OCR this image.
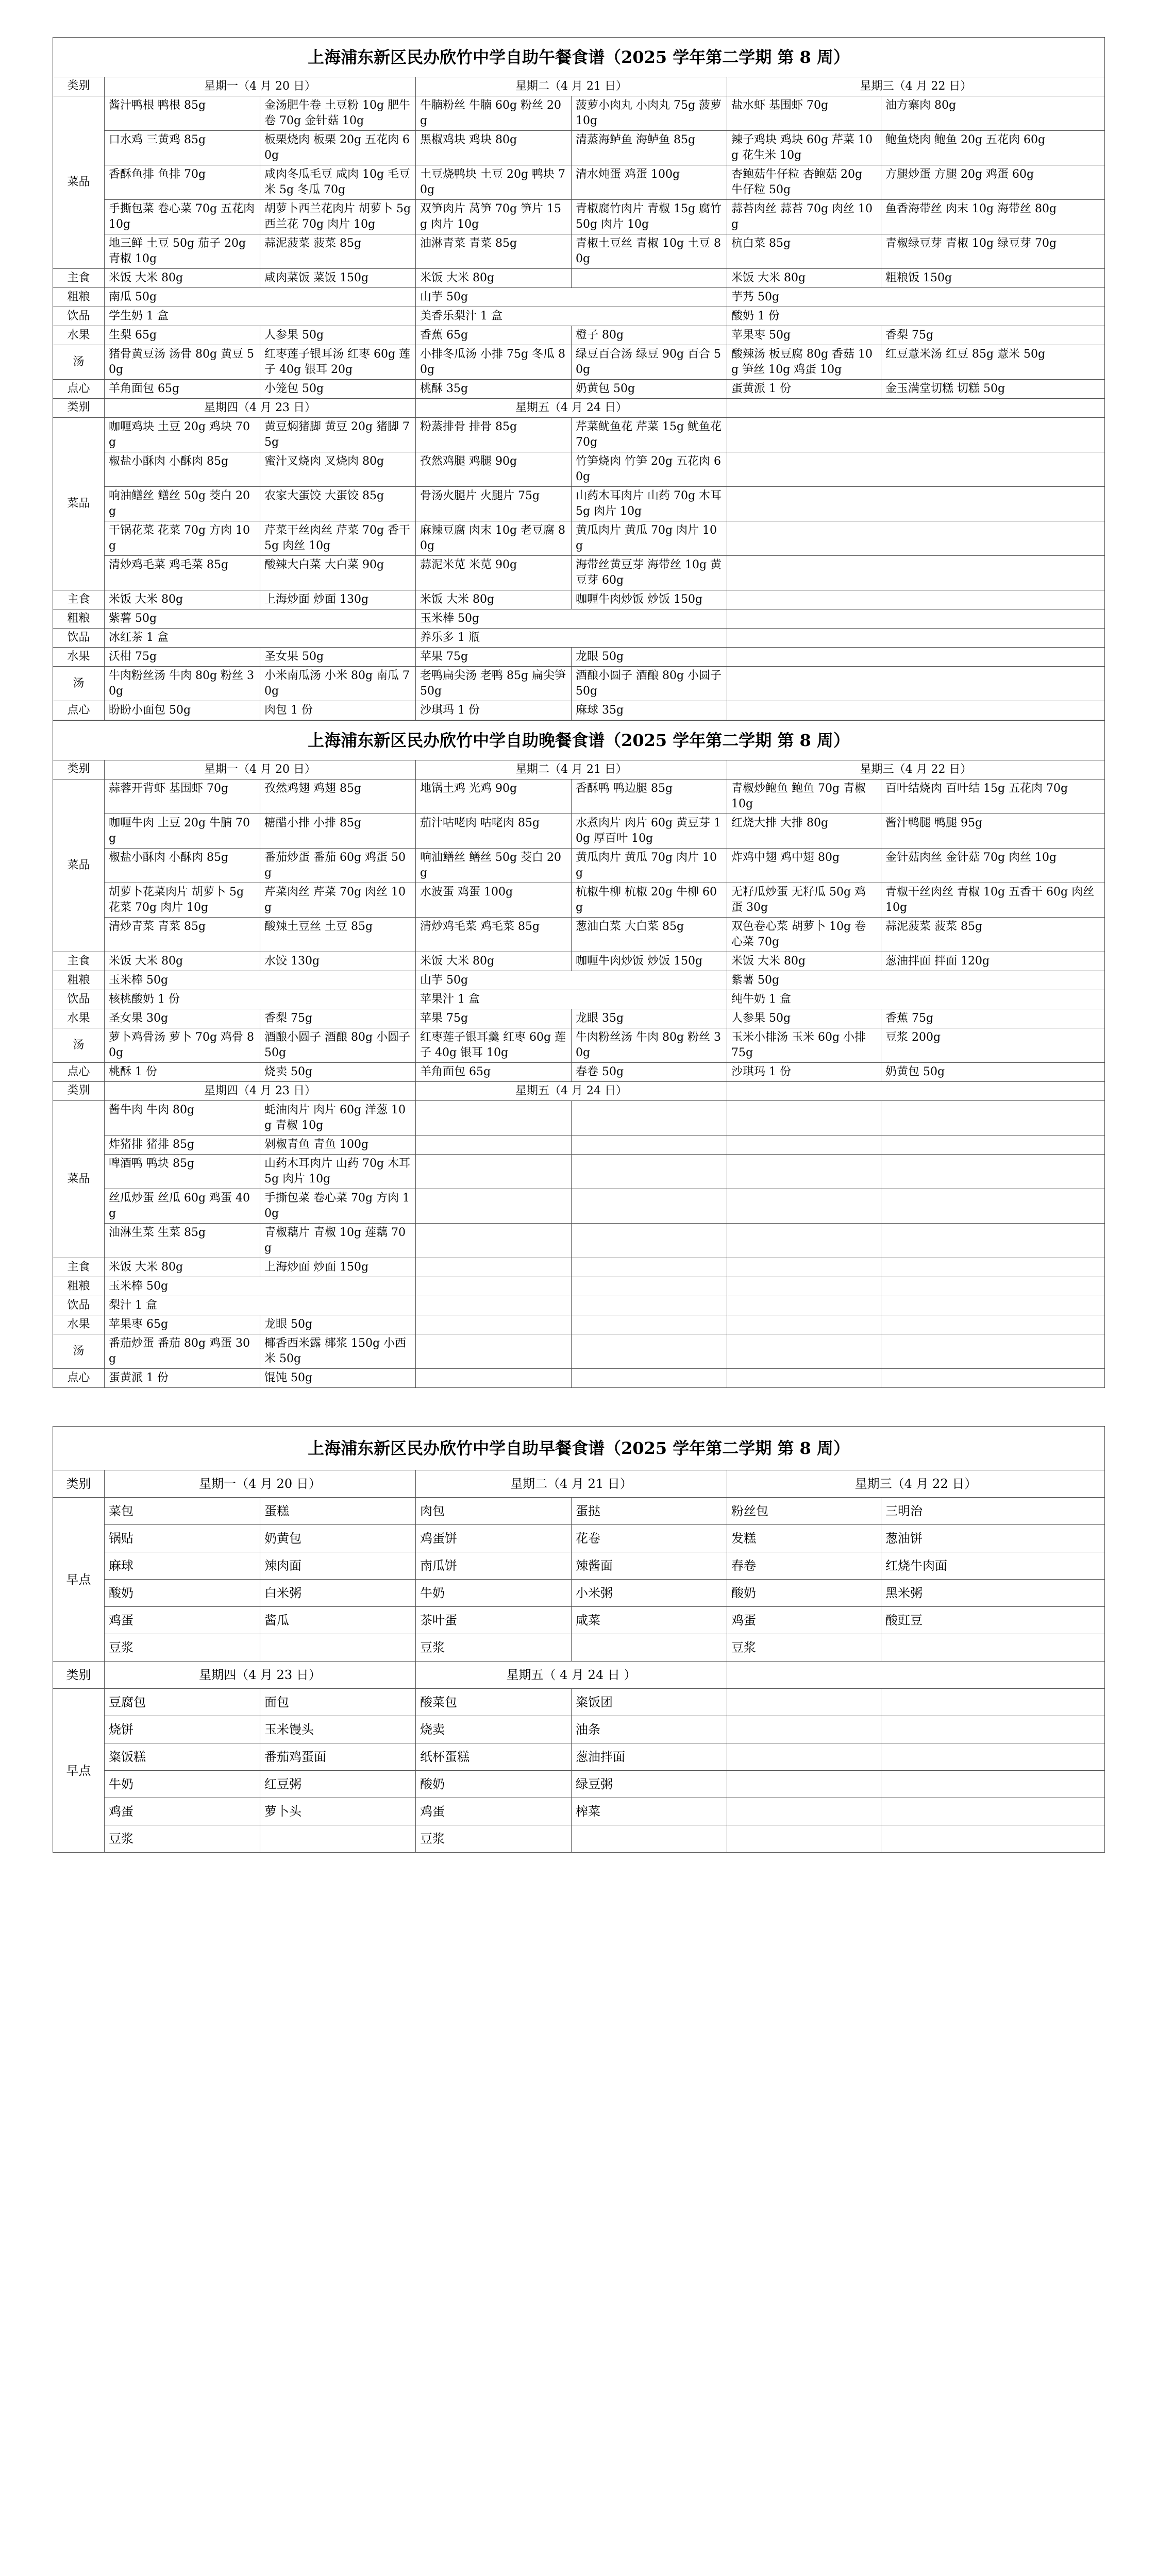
上海浦东新区民办欣竹中学自助午餐食谱（2025 学年第二学期 第 8 周）						
类别	星期一（4 月 20 日）		星期二（4 月 21 日）		星期三（4 月 22 日）	
菜品	酱汁鸭根 鸭根 85g	金汤肥牛卷 土豆粉 10g 肥牛卷 70g 金针菇 10g	牛腩粉丝 牛腩 60g 粉丝 20g	菠萝小肉丸 小肉丸 75g 菠萝 10g	盐水虾 基围虾 70g	油方寨肉 80g
	口水鸡 三黄鸡 85g	板栗烧肉 板栗 20g 五花肉 60g	黑椒鸡块 鸡块 80g	清蒸海鲈鱼 海鲈鱼 85g	辣子鸡块 鸡块 60g 芹菜 10g 花生米 10g	鲍鱼烧肉 鲍鱼 20g 五花肉 60g
	香酥鱼排 鱼排 70g	咸肉冬瓜毛豆 咸肉 10g 毛豆米 5g 冬瓜 70g	土豆烧鸭块 土豆 20g 鸭块 70g	清水炖蛋 鸡蛋 100g	杏鲍菇牛仔粒 杏鲍菇 20g 牛仔粒 50g	方腿炒蛋 方腿 20g 鸡蛋 60g
	手撕包菜 卷心菜 70g 五花肉 10g	胡萝卜西兰花肉片 胡萝卜 5g 西兰花 70g 肉片 10g	双笋肉片 莴笋 70g 笋片 15g 肉片 10g	青椒腐竹肉片 青椒 15g 腐竹 50g 肉片 10g	蒜苔肉丝 蒜苔 70g 肉丝 10g	鱼香海带丝 肉末 10g 海带丝 80g
	地三鲜 土豆 50g 茄子 20g 青椒 10g	蒜泥菠菜 菠菜 85g	油淋青菜 青菜 85g	青椒土豆丝 青椒 10g 土豆 80g	杭白菜 85g	青椒绿豆芽 青椒 10g 绿豆芽 70g
主食	米饭 大米 80g	咸肉菜饭 菜饭 150g	米饭 大米 80g		米饭 大米 80g	粗粮饭 150g
粗粮	南瓜 50g		山芋 50g		芋艿 50g	
饮品	学生奶 1 盒		美香乐梨汁 1 盒		酸奶 1 份	
水果	生梨 65g	人参果 50g	香蕉 65g	橙子 80g	苹果枣 50g	香梨 75g
汤	猪骨黄豆汤 汤骨 80g 黄豆 50g	红枣莲子银耳汤 红枣 60g 莲子 40g 银耳 20g	小排冬瓜汤 小排 75g 冬瓜 80g	绿豆百合汤 绿豆 90g 百合 50g	酸辣汤 板豆腐 80g 香菇 10g 笋丝 10g 鸡蛋 10g	红豆薏米汤 红豆 85g 薏米 50g
点心	羊角面包 65g	小笼包 50g	桃酥 35g	奶黄包 50g	蛋黄派 1 份	金玉满堂切糕 切糕 50g
类别	星期四（4 月 23 日）		星期五（4 月 24 日）			
菜品	咖喱鸡块 土豆 20g 鸡块 70g	黄豆焖猪脚 黄豆 20g 猪脚 75g	粉蒸排骨 排骨 85g	芹菜鱿鱼花 芹菜 15g 鱿鱼花 70g		
	椒盐小酥肉 小酥肉 85g	蜜汁叉烧肉 叉烧肉 80g	孜然鸡腿 鸡腿 90g	竹笋烧肉 竹笋 20g 五花肉 60g		
	响油鳝丝 鳝丝 50g 茭白 20g	农家大蛋饺 大蛋饺 85g	骨汤火腿片 火腿片 75g	山药木耳肉片 山药 70g 木耳 5g 肉片 10g		
	干锅花菜 花菜 70g 方肉 10g	芹菜干丝肉丝 芹菜 70g 香干 5g 肉丝 10g	麻辣豆腐 肉末 10g 老豆腐 80g	黄瓜肉片 黄瓜 70g 肉片 10g		
	清炒鸡毛菜 鸡毛菜 85g	酸辣大白菜 大白菜 90g	蒜泥米苋 米苋 90g	海带丝黄豆芽 海带丝 10g 黄豆芽 60g		
主食	米饭 大米 80g	上海炒面 炒面 130g	米饭 大米 80g	咖喱牛肉炒饭 炒饭 150g		
粗粮	紫薯 50g		玉米棒 50g			
饮品	冰红茶 1 盒		养乐多 1 瓶			
水果	沃柑 75g	圣女果 50g	苹果 75g	龙眼 50g		
汤	牛肉粉丝汤 牛肉 80g 粉丝 30g	小米南瓜汤 小米 80g 南瓜 70g	老鸭扁尖汤 老鸭 85g 扁尖笋 50g	酒酿小圆子 酒酿 80g 小圆子 50g		
点心	盼盼小面包 50g	肉包 1 份	沙琪玛 1 份	麻球 35g		
上海浦东新区民办欣竹中学自助晚餐食谱（2025 学年第二学期 第 8 周）						
类别	星期一（4 月 20 日）		星期二（4 月 21 日）		星期三（4 月 22 日）	
菜品	蒜蓉开背虾 基围虾 70g	孜然鸡翅 鸡翅 85g	地锅土鸡 光鸡 90g	香酥鸭 鸭边腿 85g	青椒炒鲍鱼 鲍鱼 70g 青椒 10g	百叶结烧肉 百叶结 15g 五花肉 70g
	咖喱牛肉 土豆 20g 牛腩 70g	糖醋小排 小排 85g	茄汁咕咾肉 咕咾肉 85g	水煮肉片 肉片 60g 黄豆芽 10g 厚百叶 10g	红烧大排 大排 80g	酱汁鸭腿 鸭腿 95g
	椒盐小酥肉 小酥肉 85g	番茄炒蛋 番茄 60g 鸡蛋 50g	响油鳝丝 鳝丝 50g 茭白 20g	黄瓜肉片 黄瓜 70g 肉片 10g	炸鸡中翅 鸡中翅 80g	金针菇肉丝 金针菇 70g 肉丝 10g
	胡萝卜花菜肉片 胡萝卜 5g 花菜 70g 肉片 10g	芹菜肉丝 芹菜 70g 肉丝 10g	水波蛋 鸡蛋 100g	杭椒牛柳 杭椒 20g 牛柳 60g	无籽瓜炒蛋 无籽瓜 50g 鸡蛋 30g	青椒干丝肉丝 青椒 10g 五香干 60g 肉丝 10g
	清炒青菜 青菜 85g	酸辣土豆丝 土豆 85g	清炒鸡毛菜 鸡毛菜 85g	葱油白菜 大白菜 85g	双色卷心菜 胡萝卜 10g 卷心菜 70g	蒜泥菠菜 菠菜 85g
主食	米饭 大米 80g	水饺 130g	米饭 大米 80g	咖喱牛肉炒饭 炒饭 150g	米饭 大米 80g	葱油拌面 拌面 120g
粗粮	玉米棒 50g		山芋 50g		紫薯 50g	
饮品	核桃酸奶 1 份		苹果汁 1 盒		纯牛奶 1 盒	
水果	圣女果 30g	香梨 75g	苹果 75g	龙眼 35g	人参果 50g	香蕉 75g
汤	萝卜鸡骨汤 萝卜 70g 鸡骨 80g	酒酿小圆子 酒酿 80g 小圆子 50g	红枣莲子银耳羹 红枣 60g 莲子 40g 银耳 10g	牛肉粉丝汤 牛肉 80g 粉丝 30g	玉米小排汤 玉米 60g 小排 75g	豆浆 200g
点心	桃酥 1 份	烧卖 50g	羊角面包 65g	春卷 50g	沙琪玛 1 份	奶黄包 50g
类别	星期四（4 月 23 日）		星期五（4 月 24 日）			
菜品	酱牛肉 牛肉 80g	蚝油肉片 肉片 60g 洋葱 10g 青椒 10g				
	炸猪排 猪排 85g	剁椒青鱼 青鱼 100g				
	啤酒鸭 鸭块 85g	山药木耳肉片 山药 70g 木耳 5g 肉片 10g				
	丝瓜炒蛋 丝瓜 60g 鸡蛋 40g	手撕包菜 卷心菜 70g 方肉 10g				
	油淋生菜 生菜 85g	青椒藕片 青椒 10g 莲藕 70g				
主食	米饭 大米 80g	上海炒面 炒面 150g				
粗粮	玉米棒 50g					
饮品	梨汁 1 盒					
水果	苹果枣 65g	龙眼 50g				
汤	番茄炒蛋 番茄 80g 鸡蛋 30g	椰香西米露 椰浆 150g 小西米 50g				
点心	蛋黄派 1 份	馄饨 50g				
上海浦东新区民办欣竹中学自助早餐食谱（2025 学年第二学期 第 8 周）						
类别	星期一（4 月 20 日）		星期二（4 月 21 日）		星期三（4 月 22 日）	
早点	菜包	蛋糕	肉包	蛋挞	粉丝包	三明治
	锅贴	奶黄包	鸡蛋饼	花卷	发糕	葱油饼
	麻球	辣肉面	南瓜饼	辣酱面	春卷	红烧牛肉面
	酸奶	白米粥	牛奶	小米粥	酸奶	黑米粥
	鸡蛋	酱瓜	茶叶蛋	咸菜	鸡蛋	酸豇豆
	豆浆		豆浆		豆浆	
类别	星期四（4 月 23 日）		星期五（ 4 月 24 日 ）			
早点	豆腐包	面包	酸菜包	粢饭团		
	烧饼	玉米馒头	烧卖	油条		
	粢饭糕	番茄鸡蛋面	纸杯蛋糕	葱油拌面		
	牛奶	红豆粥	酸奶	绿豆粥		
	鸡蛋	萝卜头	鸡蛋	榨菜		
	豆浆		豆浆			
